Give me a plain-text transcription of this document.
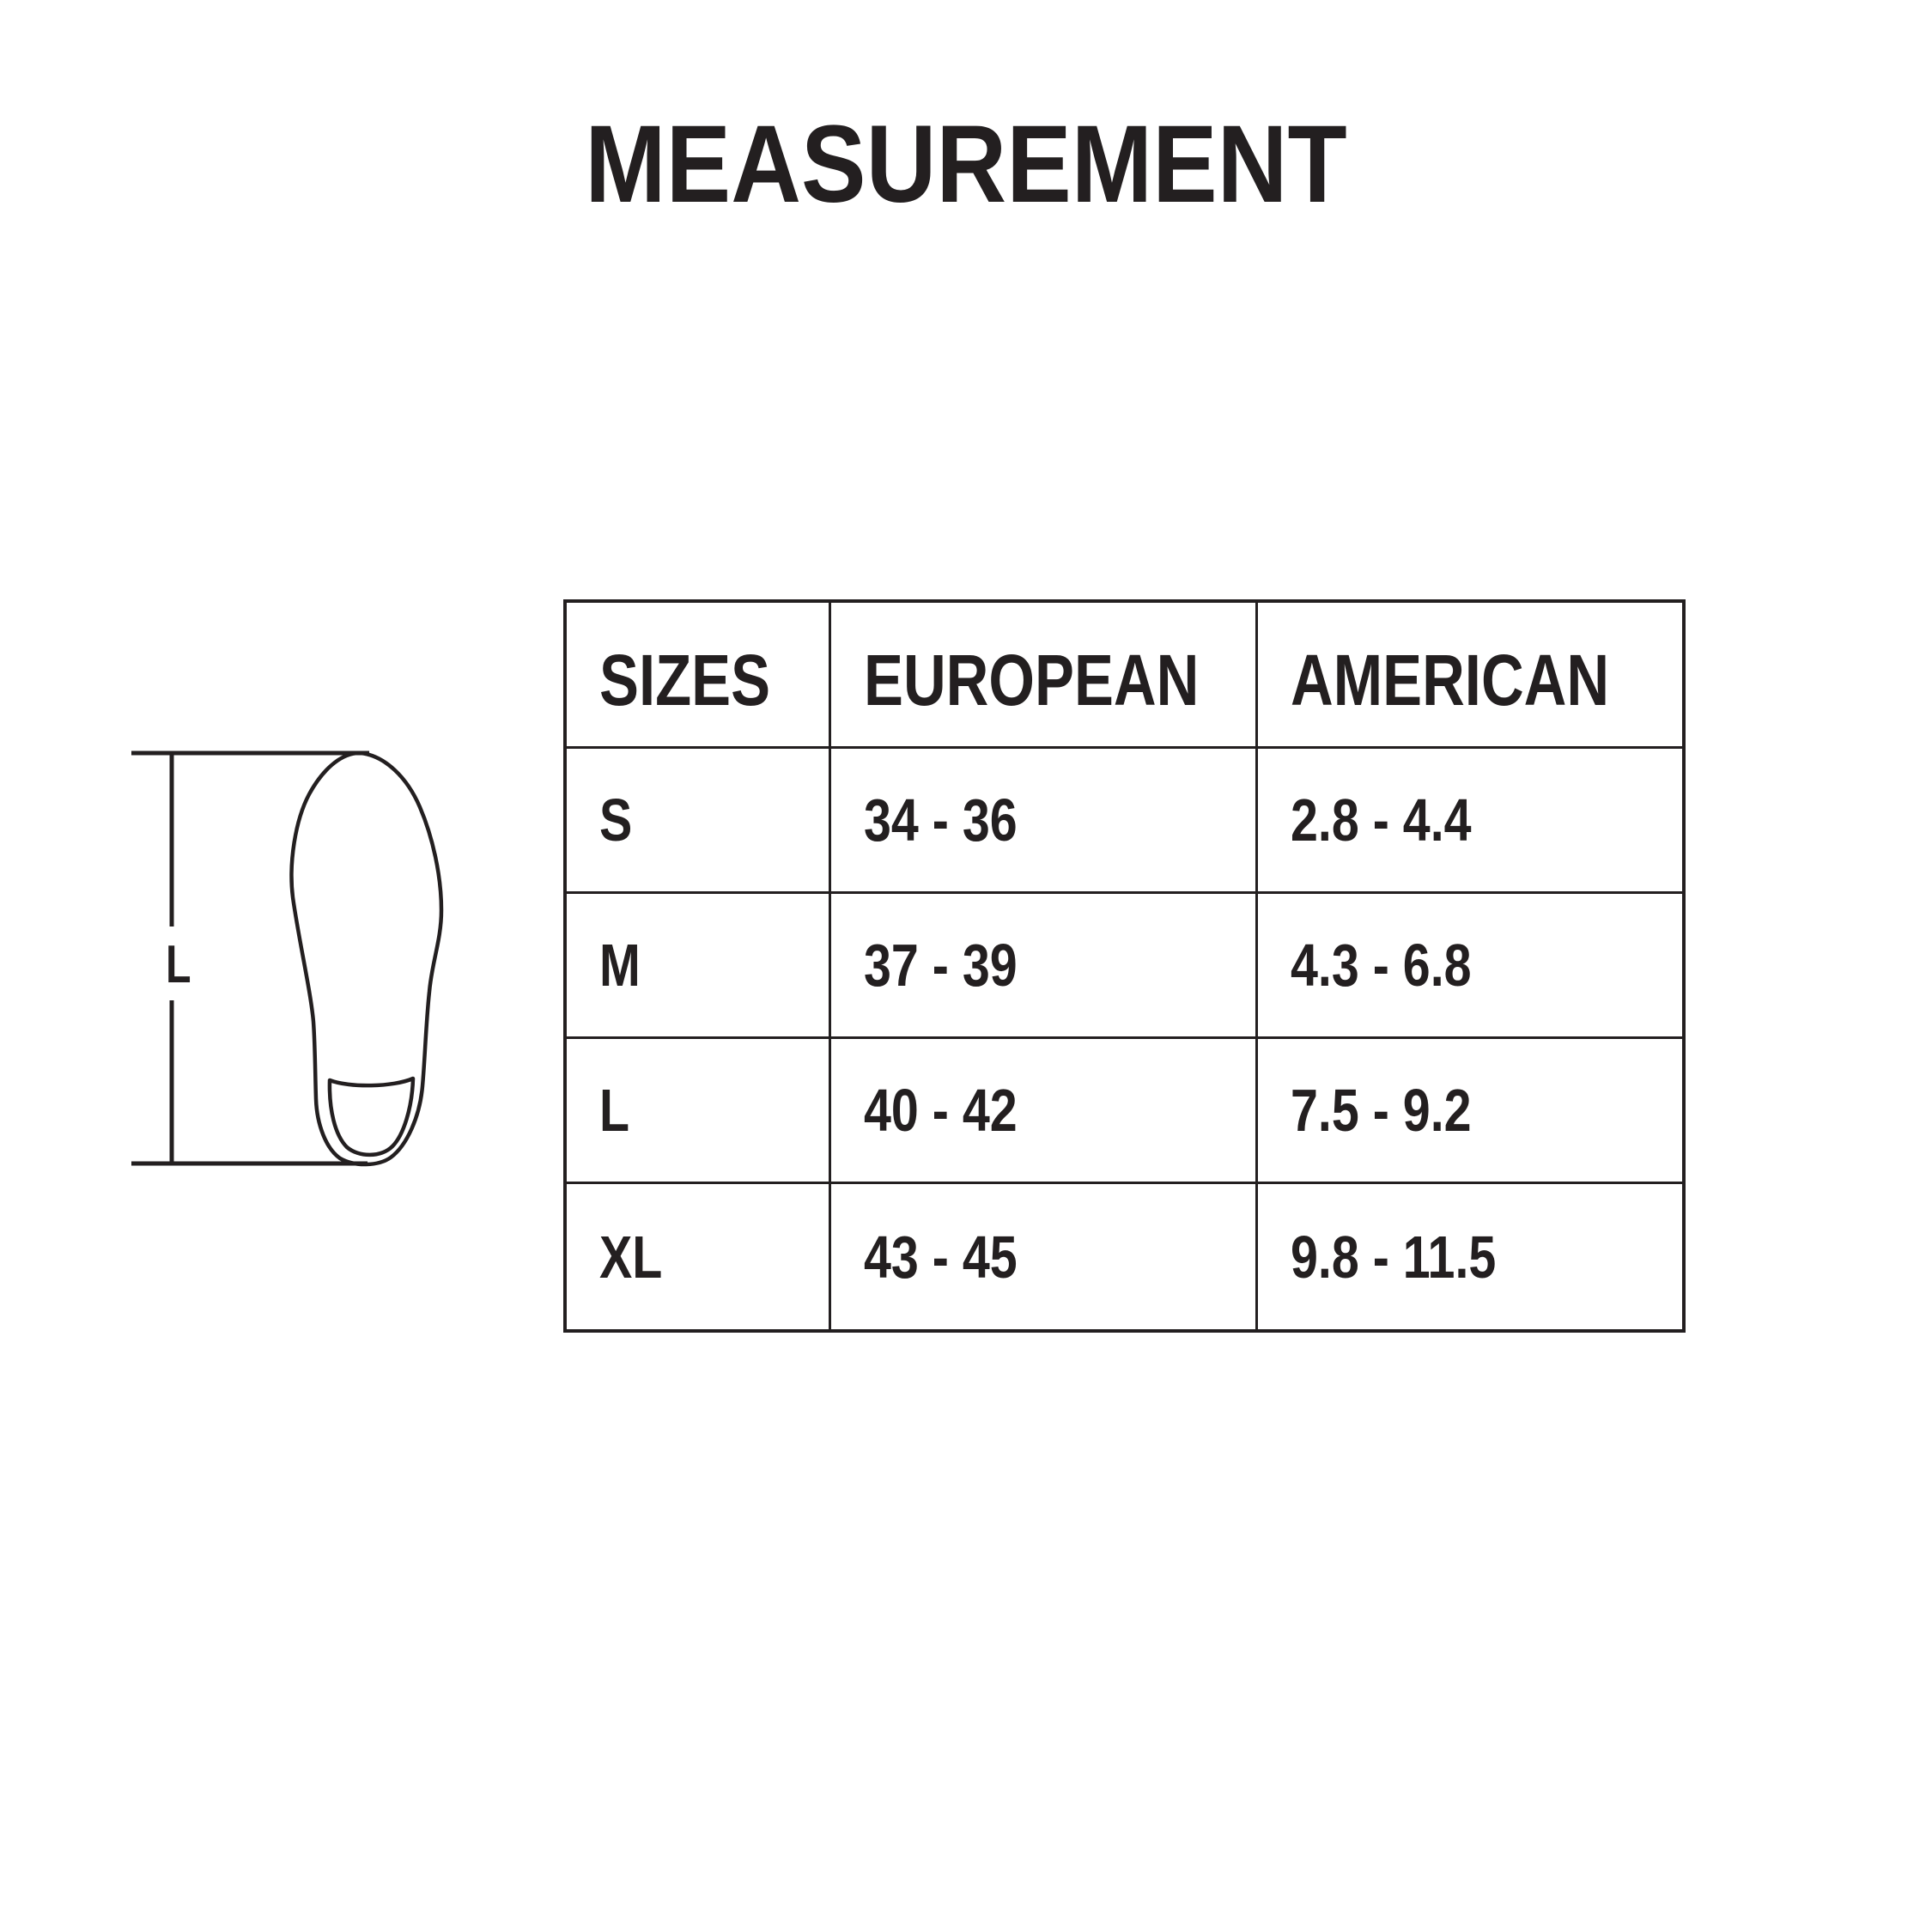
MEASUREMENT
L
SIZES EUROPEAN AMERICAN
S	34 - 36	2.8 - 4.4
M	37 - 39	4.3 - 6.8
L	40 - 42	7.5 - 9.2
XL	43 - 45	9.8 - 11.5
